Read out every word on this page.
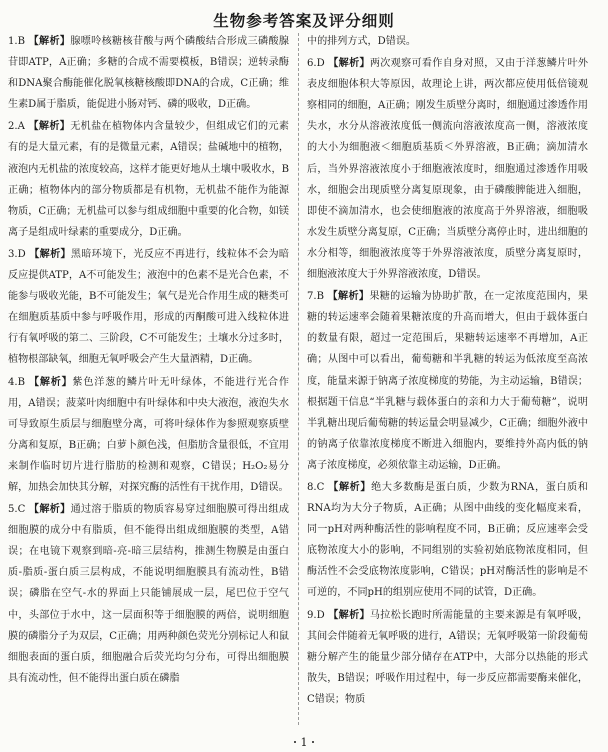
生物参考答案及评分细则
1.B 【解析】腺嘌呤核糖核苷酸与两个磷酸结合形成三磷酸腺苷即ATP，A正确；多糖的合成不需要模板，B错误；逆转录酶和DNA聚合酶能催化脱氧核糖核酸即DNA的合成，C正确；维生素D属于脂质，能促进小肠对钙、磷的吸收，D正确。
2.A 【解析】无机盐在植物体内含量较少，但组成它们的元素有的是大量元素，有的是微量元素，A错误；盐碱地中的植物，液泡内无机盐的浓度较高，这样才能更好地从土壤中吸收水，B正确；植物体内的部分物质都是有机物，无机盐不能作为能源物质，C正确；无机盐可以参与组成细胞中重要的化合物，如镁离子是组成叶绿素的重要成分，D正确。
3.D 【解析】黑暗环境下，光反应不再进行，线粒体不会为暗反应提供ATP，A不可能发生；液泡中的色素不是光合色素，不能参与吸收光能，B不可能发生；氧气是光合作用生成的糖类可在细胞质基质中参与呼吸作用，形成的丙酮酸可进入线粒体进行有氧呼吸的第二、三阶段，C不可能发生；土壤水分过多时，植物根部缺氧，细胞无氧呼吸会产生大量酒精，D正确。
4.B 【解析】紫色洋葱的鳞片叶无叶绿体，不能进行光合作用，A错误；菠菜叶肉细胞中有叶绿体和中央大液泡，液泡失水可导致原生质层与细胞壁分离，可将叶绿体作为参照观察质壁分离和复原，B正确；白萝卜颜色浅，但脂肪含量很低，不宜用来制作临时切片进行脂肪的检测和观察，C错误；H₂O₂易分解，加热会加快其分解，对探究酶的活性有干扰作用，D错误。
5.C 【解析】通过溶于脂质的物质容易穿过细胞膜可得出组成细胞膜的成分中有脂质，但不能得出组成细胞膜的类型，A错误；在电镜下观察到暗-亮-暗三层结构，推测生物膜是由蛋白质-脂质-蛋白质三层构成，不能说明细胞膜具有流动性，B错误；磷脂在空气-水的界面上只能铺展成一层，尾巴位于空气中，头部位于水中，这一层面积等于细胞膜的两倍，说明细胞膜的磷脂分子为双层，C正确；用两种颜色荧光分别标记人和鼠细胞表面的蛋白质，细胞融合后荧光均匀分布，可得出细胞膜具有流动性，但不能得出蛋白质在磷脂
中的排列方式，D错误。
6.D 【解析】两次观察可看作自身对照，又由于洋葱鳞片叶外表皮细胞体积大等原因，故理论上讲，两次都应使用低倍镜观察相同的细胞，A正确；刚发生质壁分离时，细胞通过渗透作用失水，水分从溶液浓度低一侧流向溶液浓度高一侧，溶液浓度的大小为细胞液＜细胞质基质＜外界溶液，B正确；滴加清水后，当外界溶液浓度小于细胞液浓度时，细胞通过渗透作用吸水，细胞会出现质壁分离复原现象，由于磷酸脾能进入细胞，即使不滴加清水，也会使细胞液的浓度高于外界溶液，细胞吸水发生质壁分离复原，C正确；当质壁分离停止时，进出细胞的水分相等，细胞液浓度等于外界溶液浓度，质壁分离复原时，细胞液浓度大于外界溶液浓度，D错误。
7.B 【解析】果糖的运输为协助扩散，在一定浓度范围内，果糖的转运速率会随着果糖浓度的升高而增大，但由于载体蛋白的数量有限，超过一定范围后，果糖转运速率不再增加，A正确；从图中可以看出，葡萄糖和半乳糖的转运为低浓度至高浓度，能量来源于钠离子浓度梯度的势能，为主动运输，B错误；根据题干信息“半乳糖与载体蛋白的亲和力大于葡萄糖”，说明半乳糖出现后葡萄糖的转运量会明显减少，C正确；细胞外液中的钠离子依靠浓度梯度不断进入细胞内，要维持外高内低的钠离子浓度梯度，必须依靠主动运输，D正确。
8.C 【解析】绝大多数酶是蛋白质，少数为RNA，蛋白质和RNA均为大分子物质，A正确；从图中曲线的变化幅度来看，同一pH对两种酶活性的影响程度不同，B正确；反应速率会受底物浓度大小的影响，不同组别的实验初始底物浓度相同，但酶活性不会受底物浓度影响，C错误；pH对酶活性的影响是不可逆的，不同pH的组别应使用不同的试管，D正确。
9.D 【解析】马拉松长跑时所需能量的主要来源是有氧呼吸，其间会伴随着无氧呼吸的进行，A错误；无氧呼吸第一阶段葡萄糖分解产生的能量少部分储存在ATP中，大部分以热能的形式散失，B错误；呼吸作用过程中，每一步反应都需要酶来催化，C错误；物质
・1・
